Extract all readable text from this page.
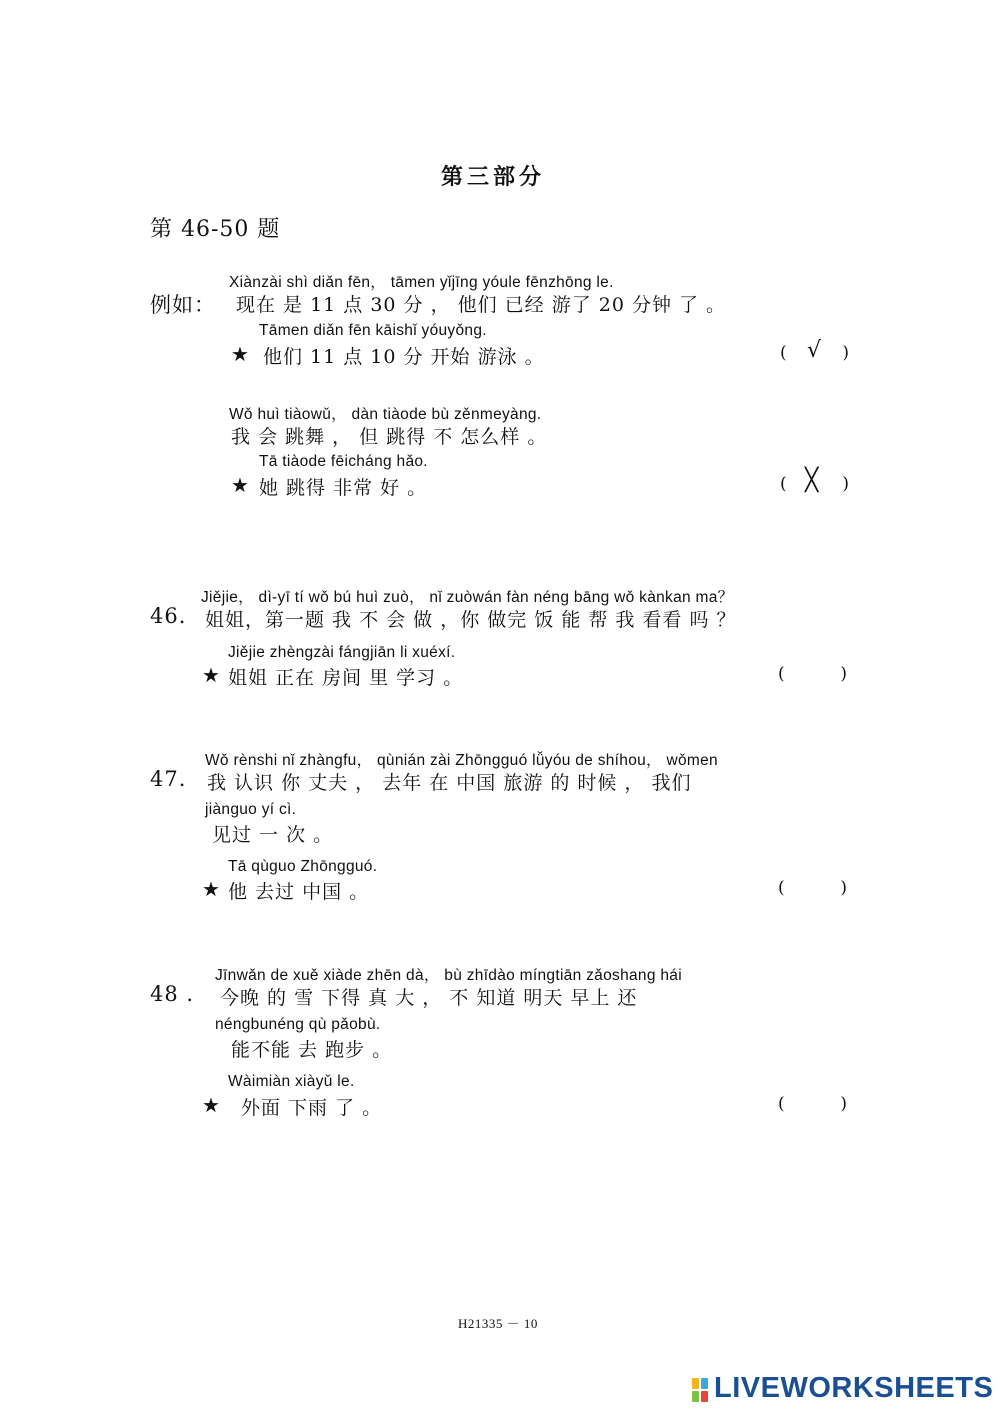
第三部分
第 46-50 题
Xiànzài shì diǎn fēn， tāmen yǐjīng yóule fēnzhōng le.
例如： 现在 是 11 点 30 分 ， 他们 已经 游了 20 分钟 了 。
Tāmen diǎn fēn kāishǐ yóuyǒng.
★ 他们 11 点 10 分 开始 游泳 。	( √ )
Wǒ huì tiàowǔ， dàn tiàode bù zěnmeyàng.
我 会 跳舞 ， 但 跳得 不 怎么样 。
Tā tiàode fēicháng hǎo.
★ 她 跳得 非常 好 。	( ╳ )
Jiějie， dì-yī tí wǒ bú huì zuò， nǐ zuòwán fàn néng bāng wǒ kànkan ma？
46. 姐姐，第一题 我 不 会 做 ，你 做完 饭 能 帮 我 看看 吗 ？
Jiějie zhèngzài fángjiān li xuéxí.
★ 姐姐 正在 房间 里 学习 。	(	)
Wǒ rènshi nǐ zhàngfu， qùnián zài Zhōngguó lǚyóu de shíhou， wǒmen
47. 我 认识 你 丈夫 ， 去年 在 中国 旅游 的 时候 ， 我们
jiànguo yí cì.
见过 一 次 。
Tā qùguo Zhōngguó.
★ 他 去过 中国 。	(	)
Jīnwǎn de xuě xiàde zhēn dà， bù zhīdào míngtiān zǎoshang hái
48 . 今晚 的 雪 下得 真 大 ， 不 知道 明天 早上 还
néngbunéng qù pǎobù.
能不能 去 跑步 。
Wàimiàn xiàyǔ le.
★ 外面 下雨 了 。	(	)
H21335 － 10
LIVEWORKSHEETS
